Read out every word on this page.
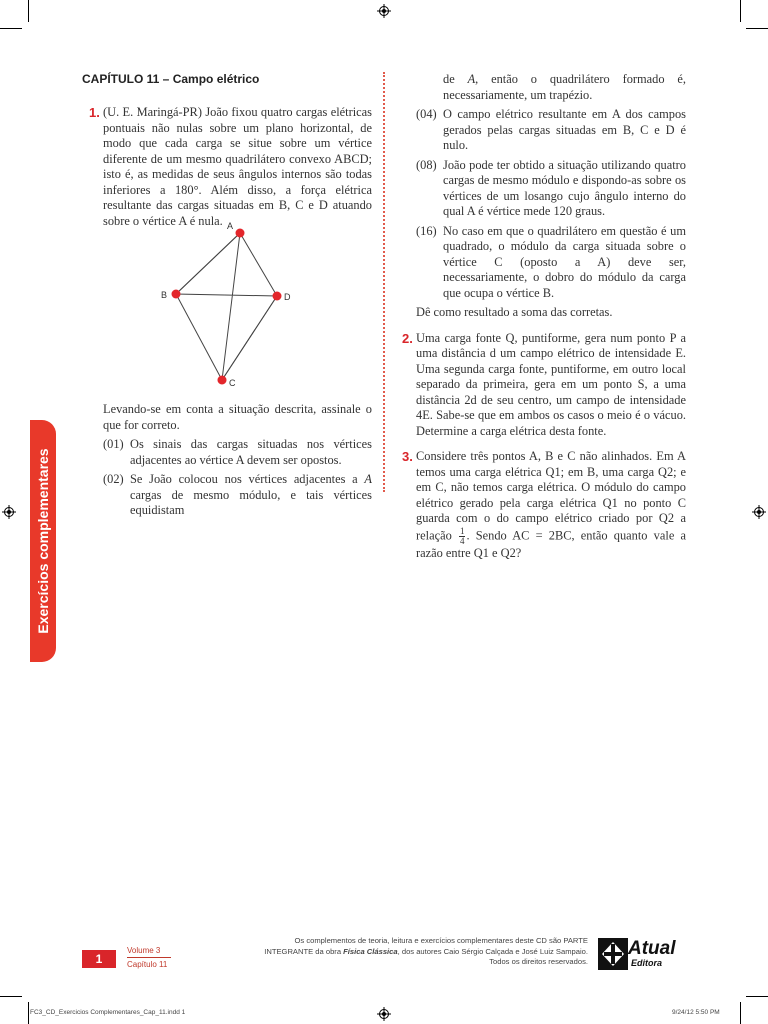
CAPÍTULO 11 – Campo elétrico
Exercícios complementares

1. (U. E. Maringá-PR) João fixou quatro cargas elétricas pontuais não nulas sobre um plano horizontal, de modo que cada carga se situe sobre um vértice diferente de um mesmo quadrilátero convexo ABCD; isto é, as medidas de seus ângulos internos são todas inferiores a 180°. Além disso, a força elétrica resultante das cargas situadas em B, C e D atuando sobre o vértice A é nula. A
B	D
C

Levando-se em conta a situação descrita, assinale o que for correto.

(01) Os sinais das cargas situadas nos vértices adjacentes ao vértice A devem ser opostos.
(02) Se João colocou nos vértices adjacentes a A cargas de mesmo módulo, e tais vértices equidistam
de A, então o quadrilátero formado é, necessariamente, um trapézio.
(04) O campo elétrico resultante em A dos campos gerados pelas cargas situadas em B, C e D é nulo.
(08) João pode ter obtido a situação utilizando quatro cargas de mesmo módulo e dispondo-as sobre os vértices de um losango cujo ângulo interno do qual A é vértice mede 120 graus.
(16) No caso em que o quadrilátero em questão é um quadrado, o módulo da carga situada sobre o vértice C (oposto a A) deve ser, necessariamente, o dobro do módulo da carga que ocupa o vértice B.

Dê como resultado a soma das corretas.

2. Uma carga fonte Q, puntiforme, gera num ponto P a uma distância d um campo elétrico de intensidade E. Uma segunda carga fonte, puntiforme, em outro local separado da primeira, gera em um ponto S, a uma distância 2d de seu centro, um campo de intensidade 4E. Sabe-se que em ambos os casos o meio é o vácuo. Determine a carga elétrica desta fonte.

3. Considere três pontos A, B e C não alinhados. Em A temos uma carga elétrica Q1; em B, uma carga Q2; e em C, não temos carga elétrica. O módulo do campo elétrico gerado pela carga elétrica Q1 no ponto C guarda com o do campo elétrico criado por Q2 a relação $\frac{1}{4}$ . Sendo AC = 2BC, então quanto vale a razão entre Q1 e Q2?

1
Volume 3
Capítulo 11
Os complementos de teoria, leitura e exercícios complementares deste CD são PARTE
INTEGRANTE da obra Física Clássica, dos autores Caio Sérgio Calçada e José Luiz Sampaio.
Todos os direitos reservados.
Atual
Editora
FC3_CD_Exercicios Complementares_Cap_11.indd 1	9/24/12 5:50 PM
